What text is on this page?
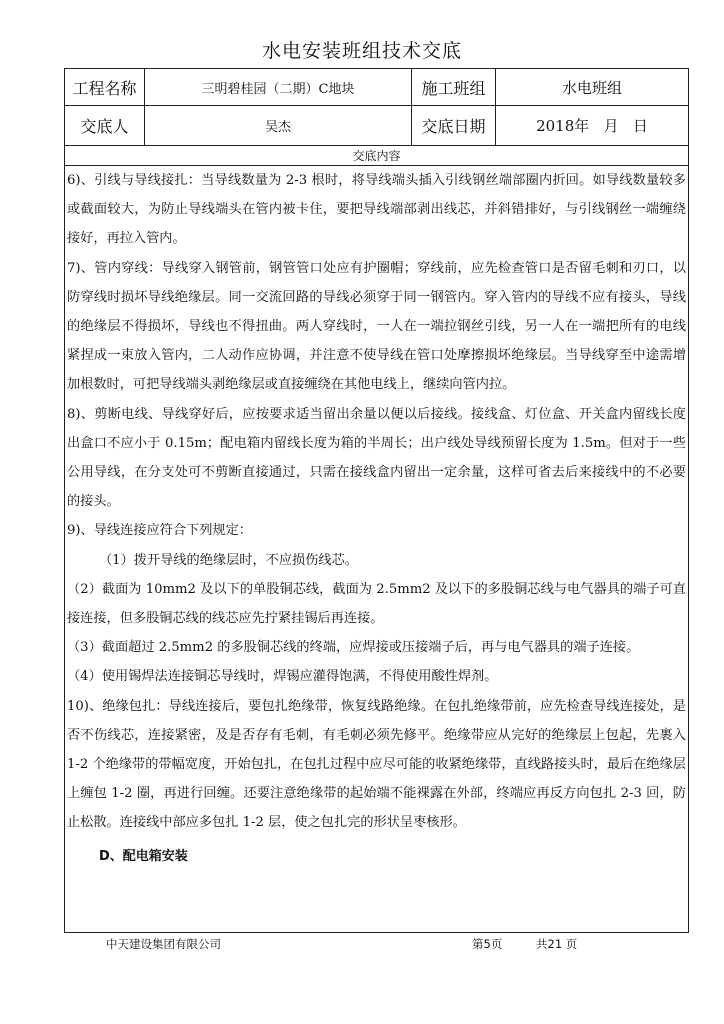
水电安装班组技术交底
工程名称	三明碧桂园（二期）C地块	施工班组	水电班组
交底人	吴杰	交底日期	2018年   月   日
交底内容

6)、引线与导线接扎：当导线数量为 2-3 根时，将导线端头插入引线钢丝端部圈内折回。如导线数量较多或截面较大，为防止导线端头在管内被卡住，要把导线端部剥出线芯，并斜错排好，与引线钢丝一端缠绕接好，再拉入管内。

7)、管内穿线：导线穿入钢管前，钢管管口处应有护圈帽；穿线前，应先检查管口是否留毛刺和刃口，以防穿线时损坏导线绝缘层。同一交流回路的导线必须穿于同一钢管内。穿入管内的导线不应有接头，导线的绝缘层不得损坏，导线也不得扭曲。两人穿线时，一人在一端拉钢丝引线，另一人在一端把所有的电线紧捏成一束放入管内，二人动作应协调，并注意不使导线在管口处摩擦损坏绝缘层。当导线穿至中途需增加根数时，可把导线端头剥绝缘层或直接缠绕在其他电线上，继续向管内拉。

8)、剪断电线、导线穿好后，应按要求适当留出余量以便以后接线。接线盒、灯位盒、开关盒内留线长度出盒口不应小于 0.15m；配电箱内留线长度为箱的半周长；出户线处导线预留长度为 1.5m。但对于一些公用导线，在分支处可不剪断直接通过，只需在接线盒内留出一定余量，这样可省去后来接线中的不必要的接头。

9)、导线连接应符合下列规定：

（1）拨开导线的绝缘层时，不应损伤线芯。

（2）截面为 10mm2 及以下的单股铜芯线，截面为 2.5mm2 及以下的多股铜芯线与电气器具的端子可直接连接，但多股铜芯线的线芯应先拧紧挂锡后再连接。

（3）截面超过 2.5mm2 的多股铜芯线的终端，应焊接或压接端子后，再与电气器具的端子连接。

（4）使用锡焊法连接铜芯导线时，焊锡应灌得饱满，不得使用酸性焊剂。

10)、绝缘包扎：导线连接后，要包扎绝缘带，恢复线路绝缘。在包扎绝缘带前，应先检查导线连接处，是否不伤线芯，连接紧密，及是否存有毛刺，有毛刺必须先修平。绝缘带应从完好的绝缘层上包起，先裹入 1-2 个绝缘带的带幅宽度，开始包扎，在包扎过程中应尽可能的收紧绝缘带，直线路接头时，最后在绝缘层上缠包 1-2 圈，再进行回缠。还要注意绝缘带的起始端不能裸露在外部，终端应再反方向包扎 2-3 回，防止松散。连接线中部应多包扎 1-2 层，使之包扎完的形状呈枣核形。

D、配电箱安装

中天建设集团有限公司	第5页	共21 页
